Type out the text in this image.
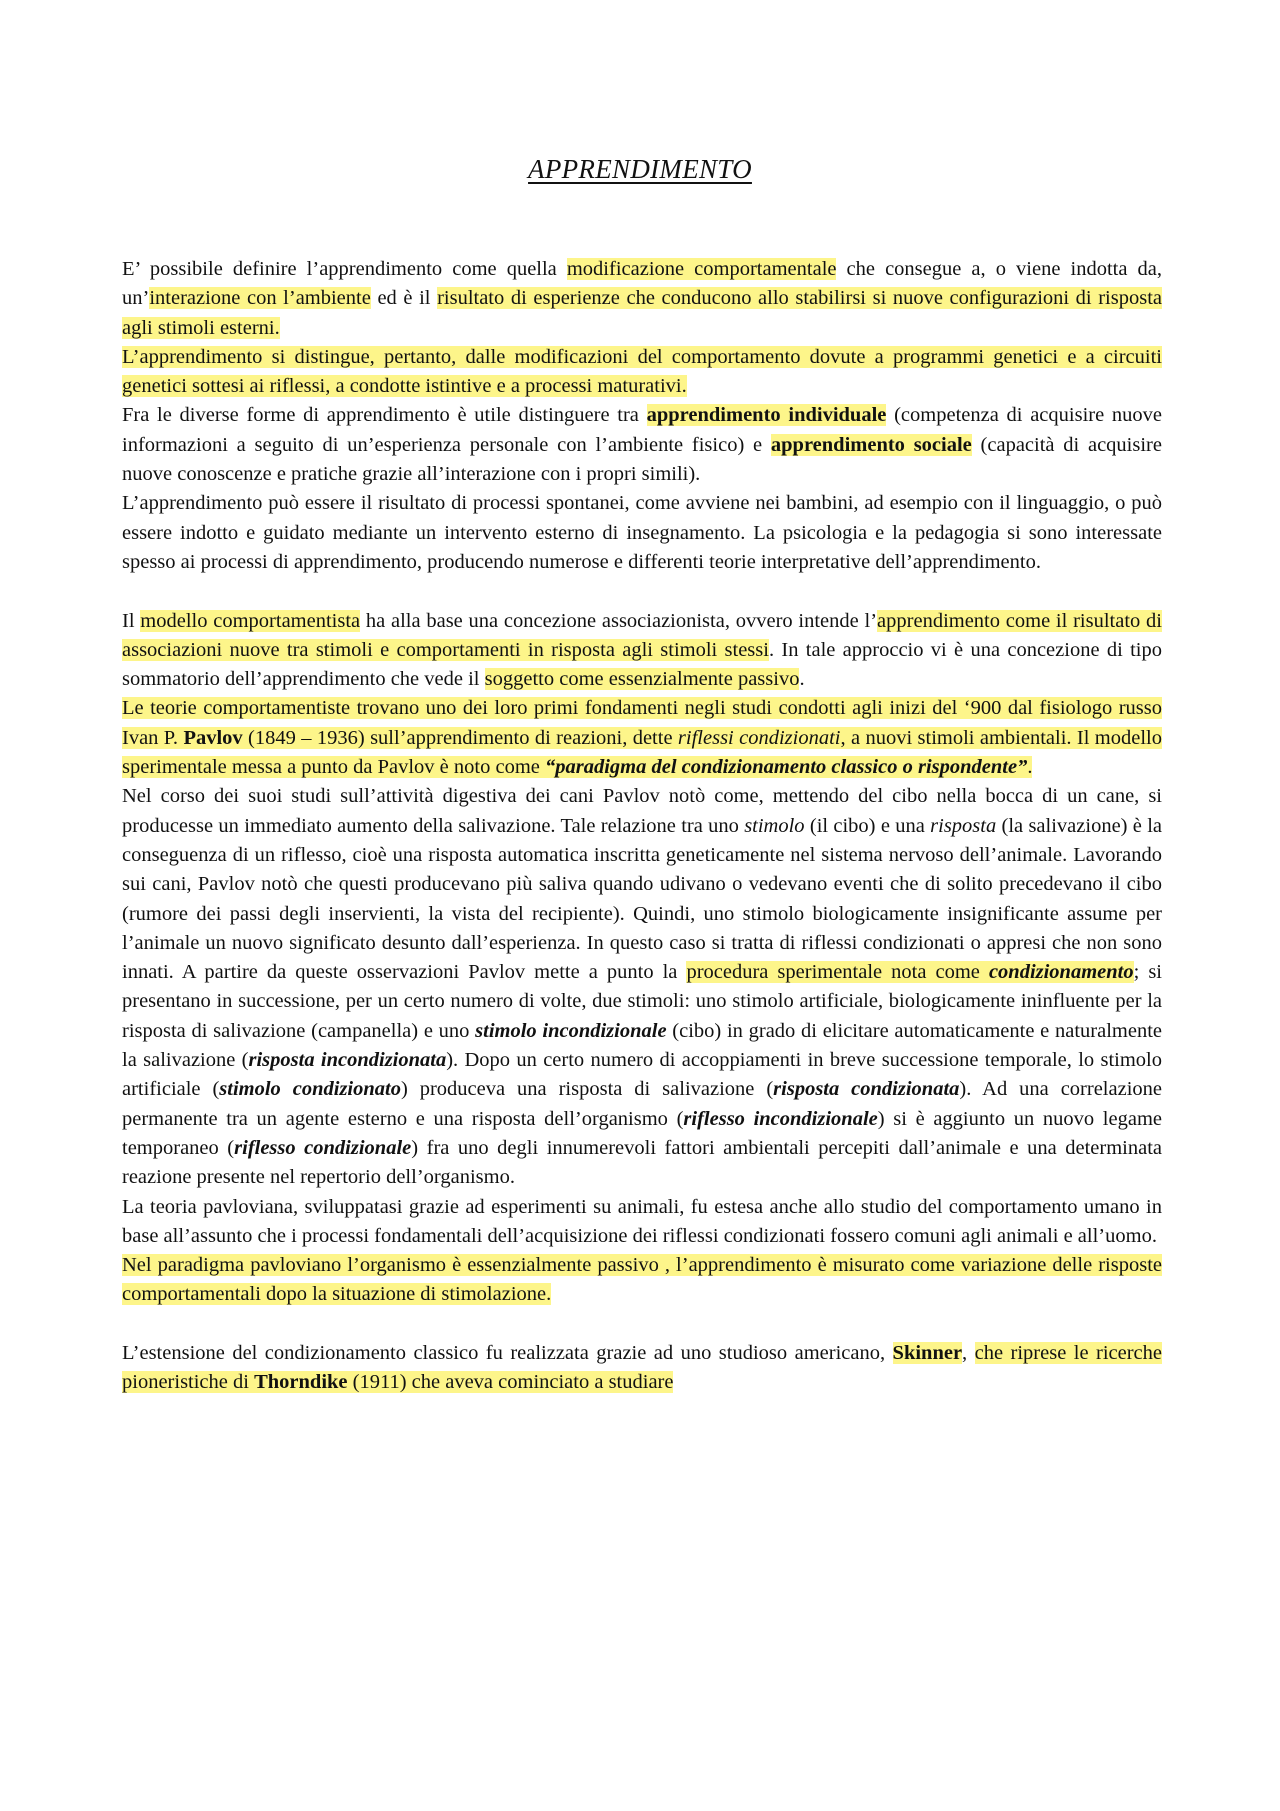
APPRENDIMENTO

E’ possibile definire l’apprendimento come quella modificazione comportamentale che consegue a, o viene indotta da, un’interazione con l’ambiente ed è il risultato di esperienze che conducono allo stabilirsi si nuove configurazioni di risposta agli stimoli esterni.

L’apprendimento si distingue, pertanto, dalle modificazioni del comportamento dovute a programmi genetici e a circuiti genetici sottesi ai riflessi, a condotte istintive e a processi maturativi.

Fra le diverse forme di apprendimento è utile distinguere tra apprendimento individuale (competenza di acquisire nuove informazioni a seguito di un’esperienza personale con l’ambiente fisico) e apprendimento sociale (capacità di acquisire nuove conoscenze e pratiche grazie all’interazione con i propri simili).

L’apprendimento può essere il risultato di processi spontanei, come avviene nei bambini, ad esempio con il linguaggio, o può essere indotto e guidato mediante un intervento esterno di insegnamento. La psicologia e la pedagogia si sono interessate spesso ai processi di apprendimento, producendo numerose e differenti teorie interpretative dell’apprendimento.

Il modello comportamentista ha alla base una concezione associazionista, ovvero intende l’apprendimento come il risultato di associazioni nuove tra stimoli e comportamenti in risposta agli stimoli stessi. In tale approccio vi è una concezione di tipo sommatorio dell’apprendimento che vede il soggetto come essenzialmente passivo.

Le teorie comportamentiste trovano uno dei loro primi fondamenti negli studi condotti agli inizi del ‘900 dal fisiologo russo Ivan P. Pavlov (1849 – 1936) sull’apprendimento di reazioni, dette riflessi condizionati, a nuovi stimoli ambientali. Il modello sperimentale messa a punto da Pavlov è noto come “paradigma del condizionamento classico o rispondente”.

Nel corso dei suoi studi sull’attività digestiva dei cani Pavlov notò come, mettendo del cibo nella bocca di un cane, si producesse un immediato aumento della salivazione. Tale relazione tra uno stimolo (il cibo) e una risposta (la salivazione) è la conseguenza di un riflesso, cioè una risposta automatica inscritta geneticamente nel sistema nervoso dell’animale. Lavorando sui cani, Pavlov notò che questi producevano più saliva quando udivano o vedevano eventi che di solito precedevano il cibo (rumore dei passi degli inservienti, la vista del recipiente). Quindi, uno stimolo biologicamente insignificante assume per l’animale un nuovo significato desunto dall’esperienza. In questo caso si tratta di riflessi condizionati o appresi che non sono innati. A partire da queste osservazioni Pavlov mette a punto la procedura sperimentale nota come condizionamento; si presentano in successione, per un certo numero di volte, due stimoli: uno stimolo artificiale, biologicamente ininfluente per la risposta di salivazione (campanella) e uno stimolo incondizionale (cibo) in grado di elicitare automaticamente e naturalmente la salivazione (risposta incondizionata). Dopo un certo numero di accoppiamenti in breve successione temporale, lo stimolo artificiale (stimolo condizionato) produceva una risposta di salivazione (risposta condizionata). Ad una correlazione permanente tra un agente esterno e una risposta dell’organismo (riflesso incondizionale) si è aggiunto un nuovo legame temporaneo (riflesso condizionale) fra uno degli innumerevoli fattori ambientali percepiti dall’animale e una determinata reazione presente nel repertorio dell’organismo.

La teoria pavloviana, sviluppatasi grazie ad esperimenti su animali, fu estesa anche allo studio del comportamento umano in base all’assunto che i processi fondamentali dell’acquisizione dei riflessi condizionati fossero comuni agli animali e all’uomo.

Nel paradigma pavloviano l’organismo è essenzialmente passivo , l’apprendimento è misurato come variazione delle risposte comportamentali dopo la situazione di stimolazione.

L’estensione del condizionamento classico fu realizzata grazie ad uno studioso americano, Skinner, che riprese le ricerche pioneristiche di Thorndike (1911) che aveva cominciato a studiare
